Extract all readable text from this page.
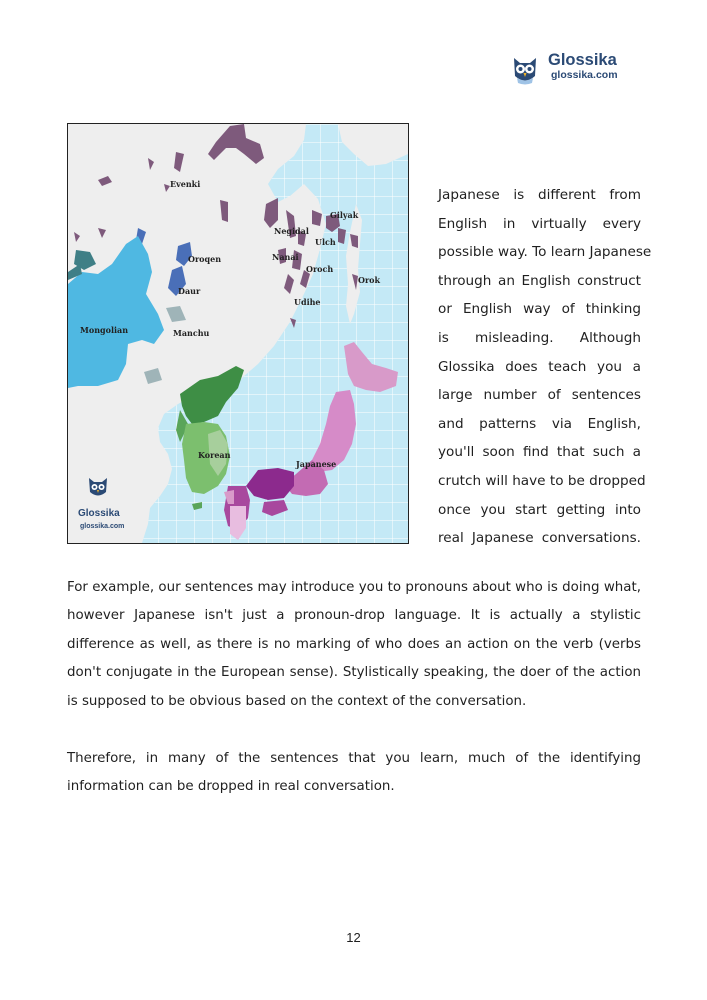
Glossika
glossika.com
Evenki
Gilyak
Negidal
Ulch
Oroqen	Nanai
Oroch
Orok
Daur
Udihe
Mongolian	Manchu
Korean
Japanese
Glossika
glossika.com
Japanese is different from
English in virtually every
possible way. To learn Japanese
through an English construct
or English way of thinking
is misleading. Although
Glossika does teach you a
large number of sentences
and patterns via English,
you'll soon find that such a
crutch will have to be dropped
once you start getting into
real Japanese conversations.
For example, our sentences may introduce you to pronouns about who is doing what, however Japanese isn't just a pronoun-drop language. It is actually a stylistic difference as well, as there is no marking of who does an action on the verb (verbs don't conjugate in the European sense). Stylistically speaking, the doer of the action is supposed to be obvious based on the context of the conversation.
Therefore, in many of the sentences that you learn, much of the identifying information can be dropped in real conversation.
12
